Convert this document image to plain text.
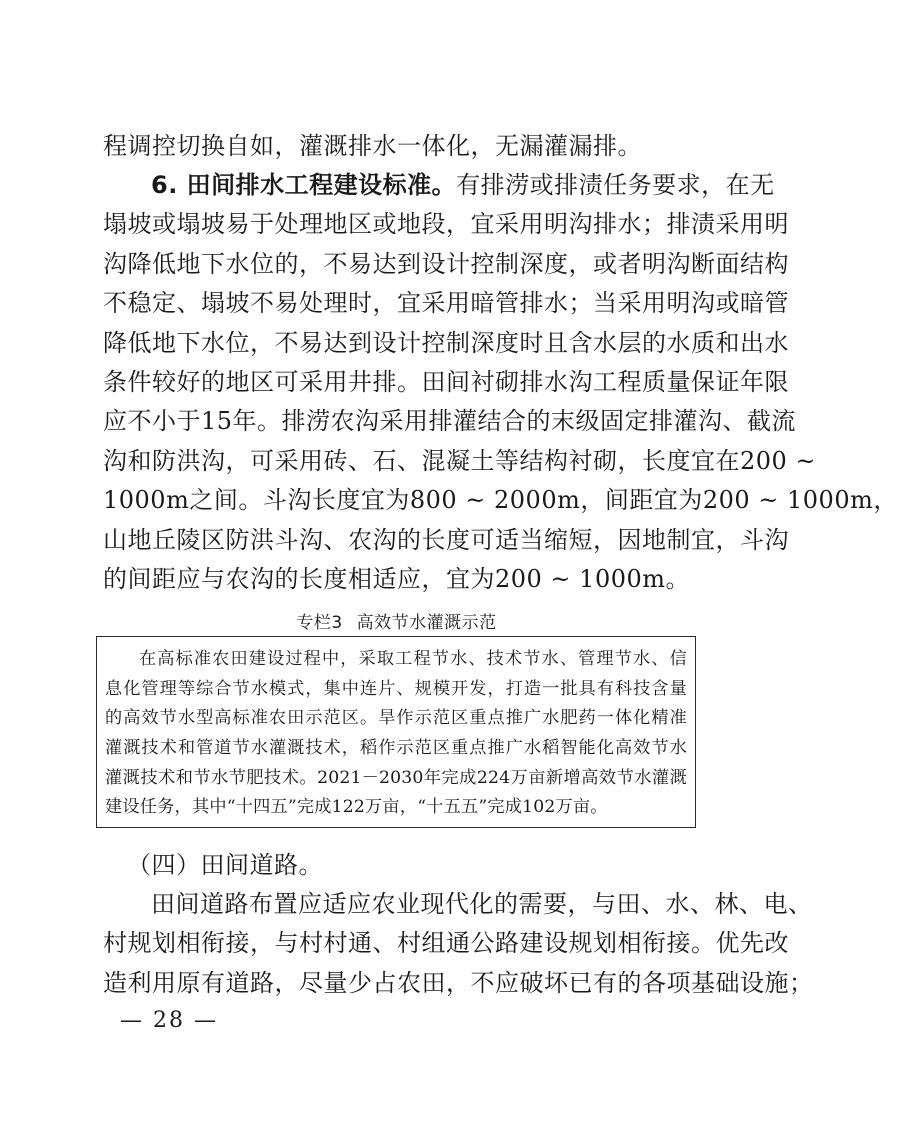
程调控切换自如，灌溉排水一体化，无漏灌漏排。
6. 田间排水工程建设标准。有排涝或排渍任务要求，在无
塌坡或塌坡易于处理地区或地段，宜采用明沟排水；排渍采用明
沟降低地下水位的，不易达到设计控制深度，或者明沟断面结构
不稳定、塌坡不易处理时，宜采用暗管排水；当采用明沟或暗管
降低地下水位，不易达到设计控制深度时且含水层的水质和出水
条件较好的地区可采用井排。田间衬砌排水沟工程质量保证年限
应不小于15年。排涝农沟采用排灌结合的末级固定排灌沟、截流
沟和防洪沟，可采用砖、石、混凝土等结构衬砌，长度宜在200 ~
1000m之间。斗沟长度宜为800 ~ 2000m，间距宜为200 ~ 1000m，
山地丘陵区防洪斗沟、农沟的长度可适当缩短，因地制宜，斗沟
的间距应与农沟的长度相适应，宜为200 ~ 1000m。
专栏3 高效节水灌溉示范
在高标准农田建设过程中，采取工程节水、技术节水、管理节水、信
息化管理等综合节水模式，集中连片、规模开发，打造一批具有科技含量
的高效节水型高标准农田示范区。旱作示范区重点推广水肥药一体化精准
灌溉技术和管道节水灌溉技术，稻作示范区重点推广水稻智能化高效节水
灌溉技术和节水节肥技术。2021－2030年完成224万亩新增高效节水灌溉
建设任务，其中“十四五”完成122万亩，“十五五”完成102万亩。
（四）田间道路。
田间道路布置应适应农业现代化的需要，与田、水、林、电、
村规划相衔接，与村村通、村组通公路建设规划相衔接。优先改
造利用原有道路，尽量少占农田，不应破坏已有的各项基础设施；
— 28 —
